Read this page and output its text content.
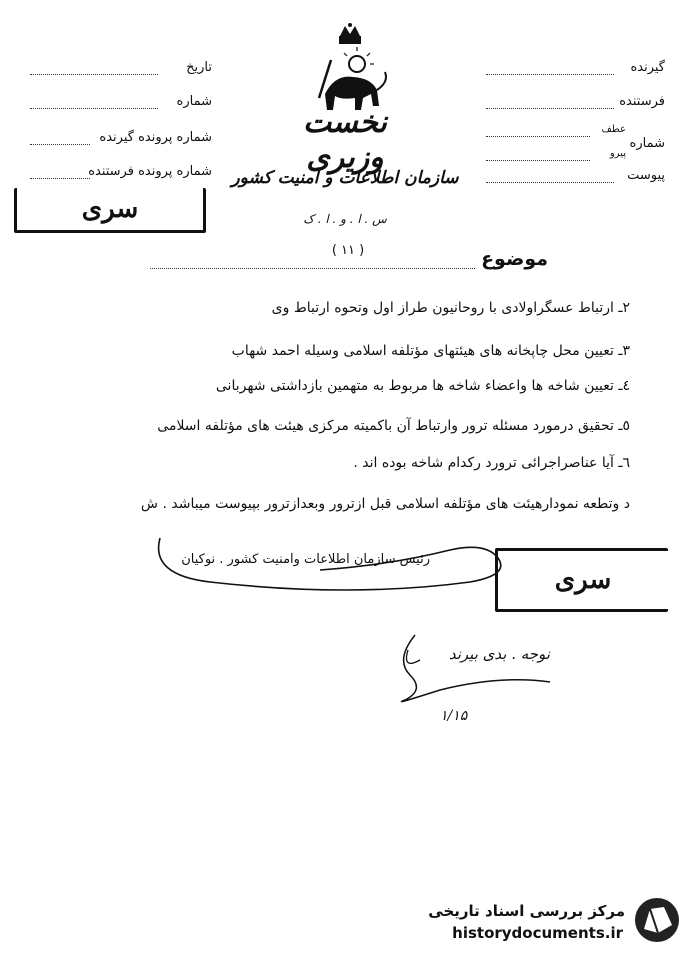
نخست وزیری
سازمان اطلاعات و امنیت کشور
س . ا . و . ا . ک
( ۱۱ )
تاریخ
شماره
شماره پرونده گیرنده
شماره پرونده فرستنده
سری
گیرنده
فرستنده
شماره
عطف
پیرو
پیوست
موضوع
۲ـ ارتباط عسگراولادی با روحانیون طراز اول وتحوه ارتباط وی
۳ـ تعیین محل چاپخانه های هیئتهای مؤتلفه اسلامی وسیله احمد شهاب
٤ـ تعیین شاخه ها واعضاء شاخه ها مربوط به متهمین بازداشتی شهربانی
٥ـ تحقیق درمورد مسئله ترور وارتباط آن باکمیته مرکزی هیئت های مؤتلفه اسلامی
٦ـ آیا عناصراجرائی ترورد رکدام شاخه بوده اند .
د وتطعه نمودارهیئت های مؤتلفه اسلامی قبل ازترور وبعدازترور بپیوست میباشد . ش
رئیس سازمان اطلاعات وامنیت کشور . نوکیان
سری
نوجه . بدی بیرند
۱/۱۵
مرکز بررسی اسناد تاریخی
historydocuments.ir
